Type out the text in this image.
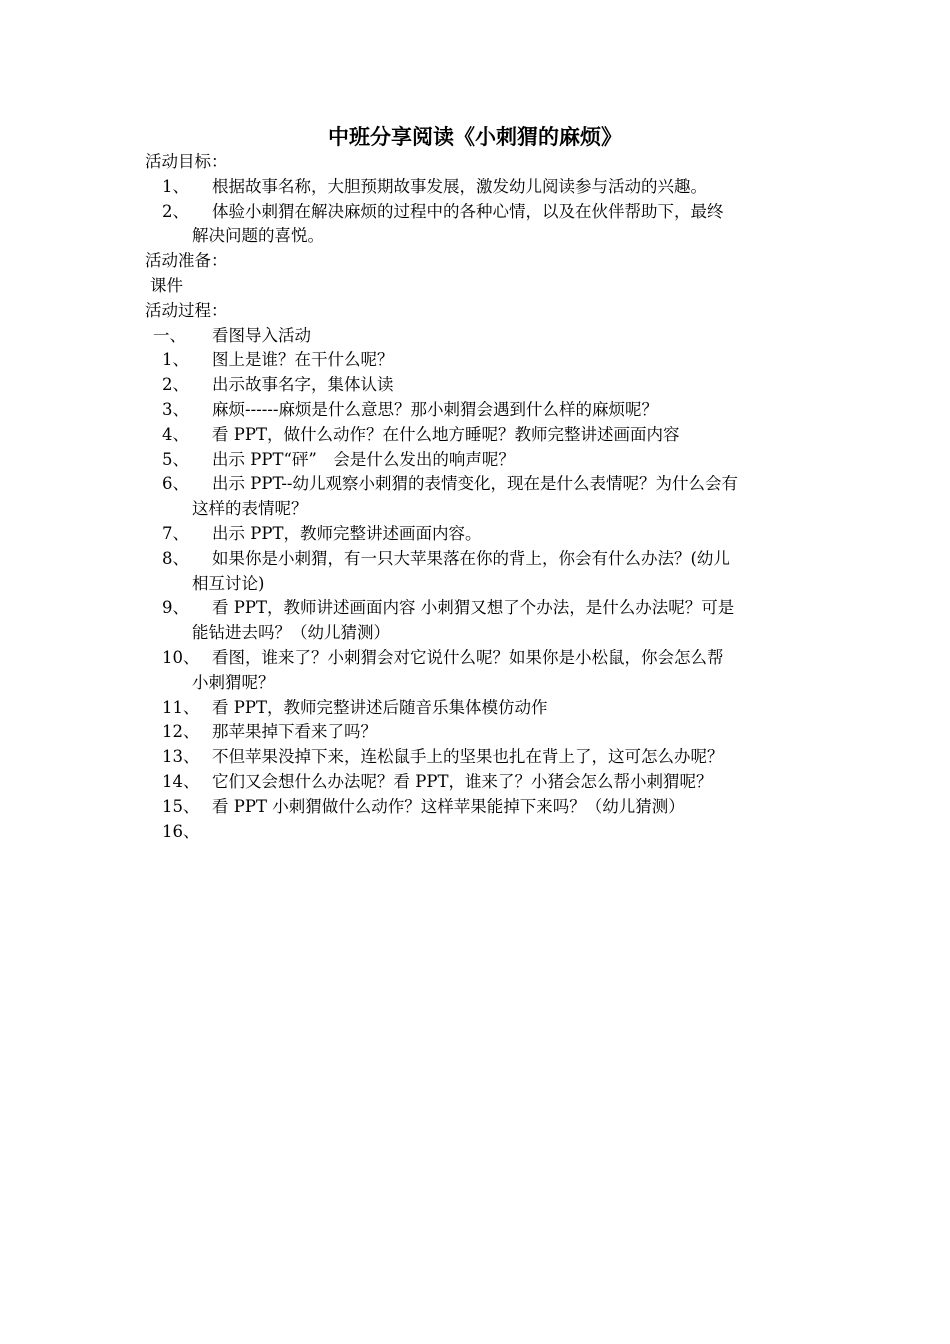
中班分享阅读《小刺猬的麻烦》
活动目标：
1、	根据故事名称，大胆预期故事发展，激发幼儿阅读参与活动的兴趣。
2、	体验小刺猬在解决麻烦的过程中的各种心情，以及在伙伴帮助下，最终
解决问题的喜悦。
活动准备：
课件
活动过程：
一、	看图导入活动
1、	图上是谁？在干什么呢？
2、	出示故事名字，集体认读
3、	麻烦------麻烦是什么意思？那小刺猬会遇到什么样的麻烦呢？
4、	看 PPT，做什么动作？在什么地方睡呢？教师完整讲述画面内容
5、	出示 PPT“砰”　会是什么发出的响声呢？
6、	出示 PPT--幼儿观察小刺猬的表情变化，现在是什么表情呢？为什么会有
这样的表情呢？
7、	出示 PPT，教师完整讲述画面内容。
8、	如果你是小刺猬，有一只大苹果落在你的背上，你会有什么办法？(幼儿
相互讨论)
9、	看 PPT，教师讲述画面内容 小刺猬又想了个办法，是什么办法呢？可是
能钻进去吗？（幼儿猜测）
10、 看图，谁来了？小刺猬会对它说什么呢？如果你是小松鼠，你会怎么帮
小刺猬呢？
11、 看 PPT，教师完整讲述后随音乐集体模仿动作
12、 那苹果掉下看来了吗？
13、 不但苹果没掉下来，连松鼠手上的坚果也扎在背上了，这可怎么办呢？
14、 它们又会想什么办法呢？看 PPT，谁来了？小猪会怎么帮小刺猬呢？
15、 看 PPT 小刺猬做什么动作？这样苹果能掉下来吗？（幼儿猜测）
16、
